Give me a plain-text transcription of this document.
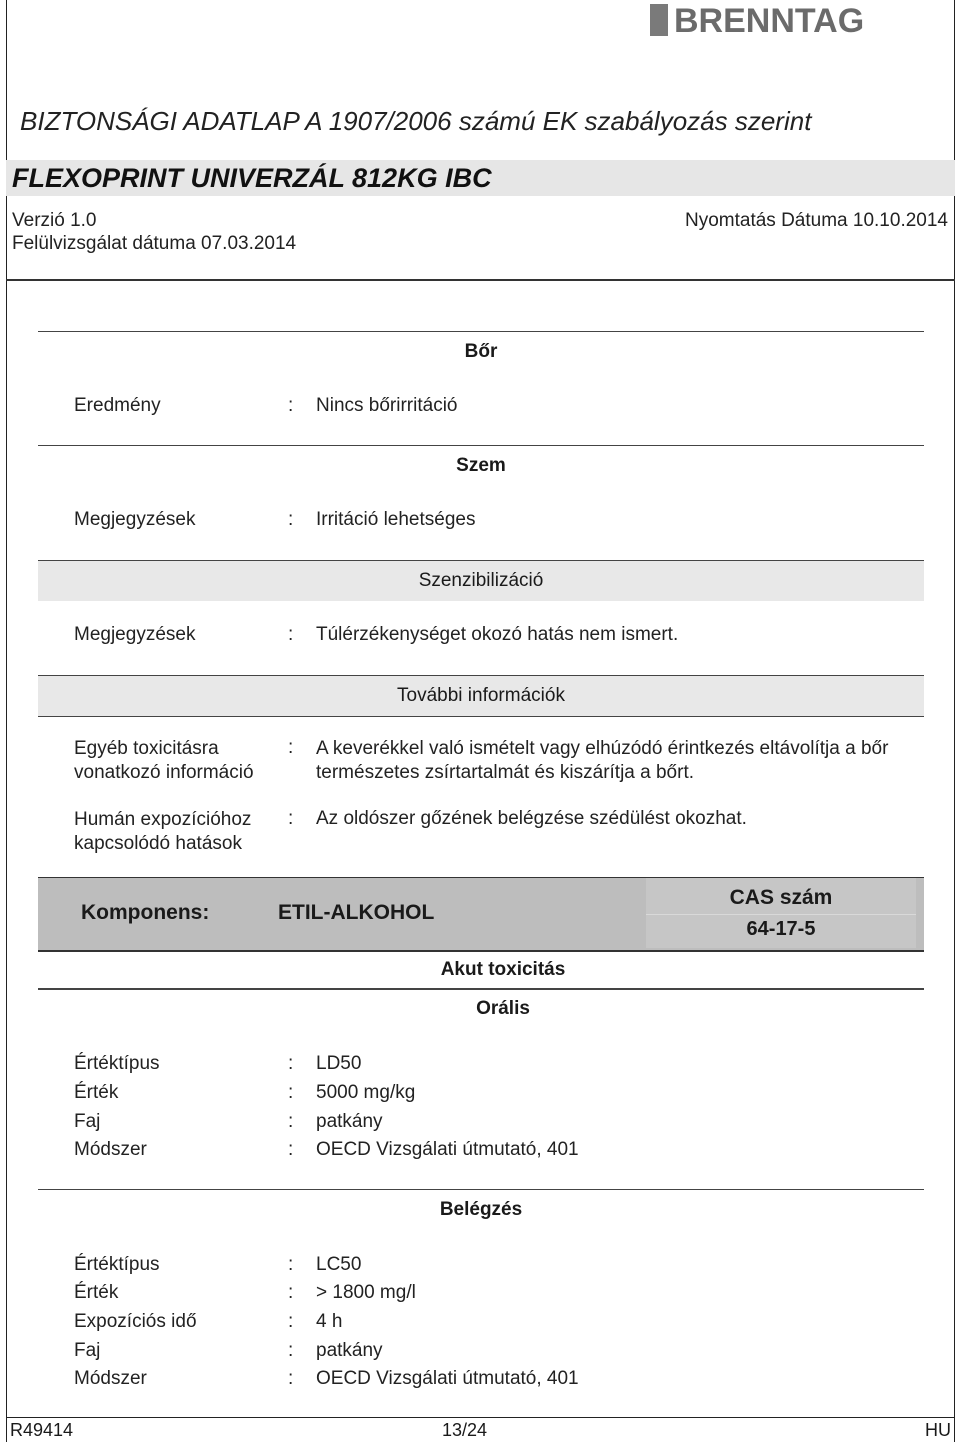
BRENNTAG
BIZTONSÁGI ADATLAP A 1907/2006 számú EK szabályozás szerint
FLEXOPRINT UNIVERZÁL 812KG IBC
Verzió 1.0	Nyomtatás Dátuma 10.10.2014
Felülvizsgálat dátuma 07.03.2014
Bőr
Eredmény	: Nincs bőrirritáció
Szem
Megjegyzések	: Irritáció lehetséges
Szenzibilizáció
Megjegyzések	: Túlérzékenységet okozó hatás nem ismert.
További információk
Egyéb toxicitásra vonatkozó információ
: A keverékkel való ismételt vagy elhúzódó érintkezés eltávolítja a bőr természetes zsírtartalmát és kiszárítja a bőrt.
Humán expozícióhoz kapcsolódó hatások
: Az oldószer gőzének belégzése szédülést okozhat.
Komponens:	ETIL-ALKOHOL
CAS szám
64-17-5
Akut toxicitás
Orális
Értéktípus	: LD50
Érték	: 5000 mg/kg
Faj	: patkány
Módszer	: OECD Vizsgálati útmutató, 401
Belégzés
Értéktípus	: LC50
Érték	: > 1800 mg/l
Expozíciós idő	: 4 h
Faj	: patkány
Módszer	: OECD Vizsgálati útmutató, 401
R49414	13/24	HU
